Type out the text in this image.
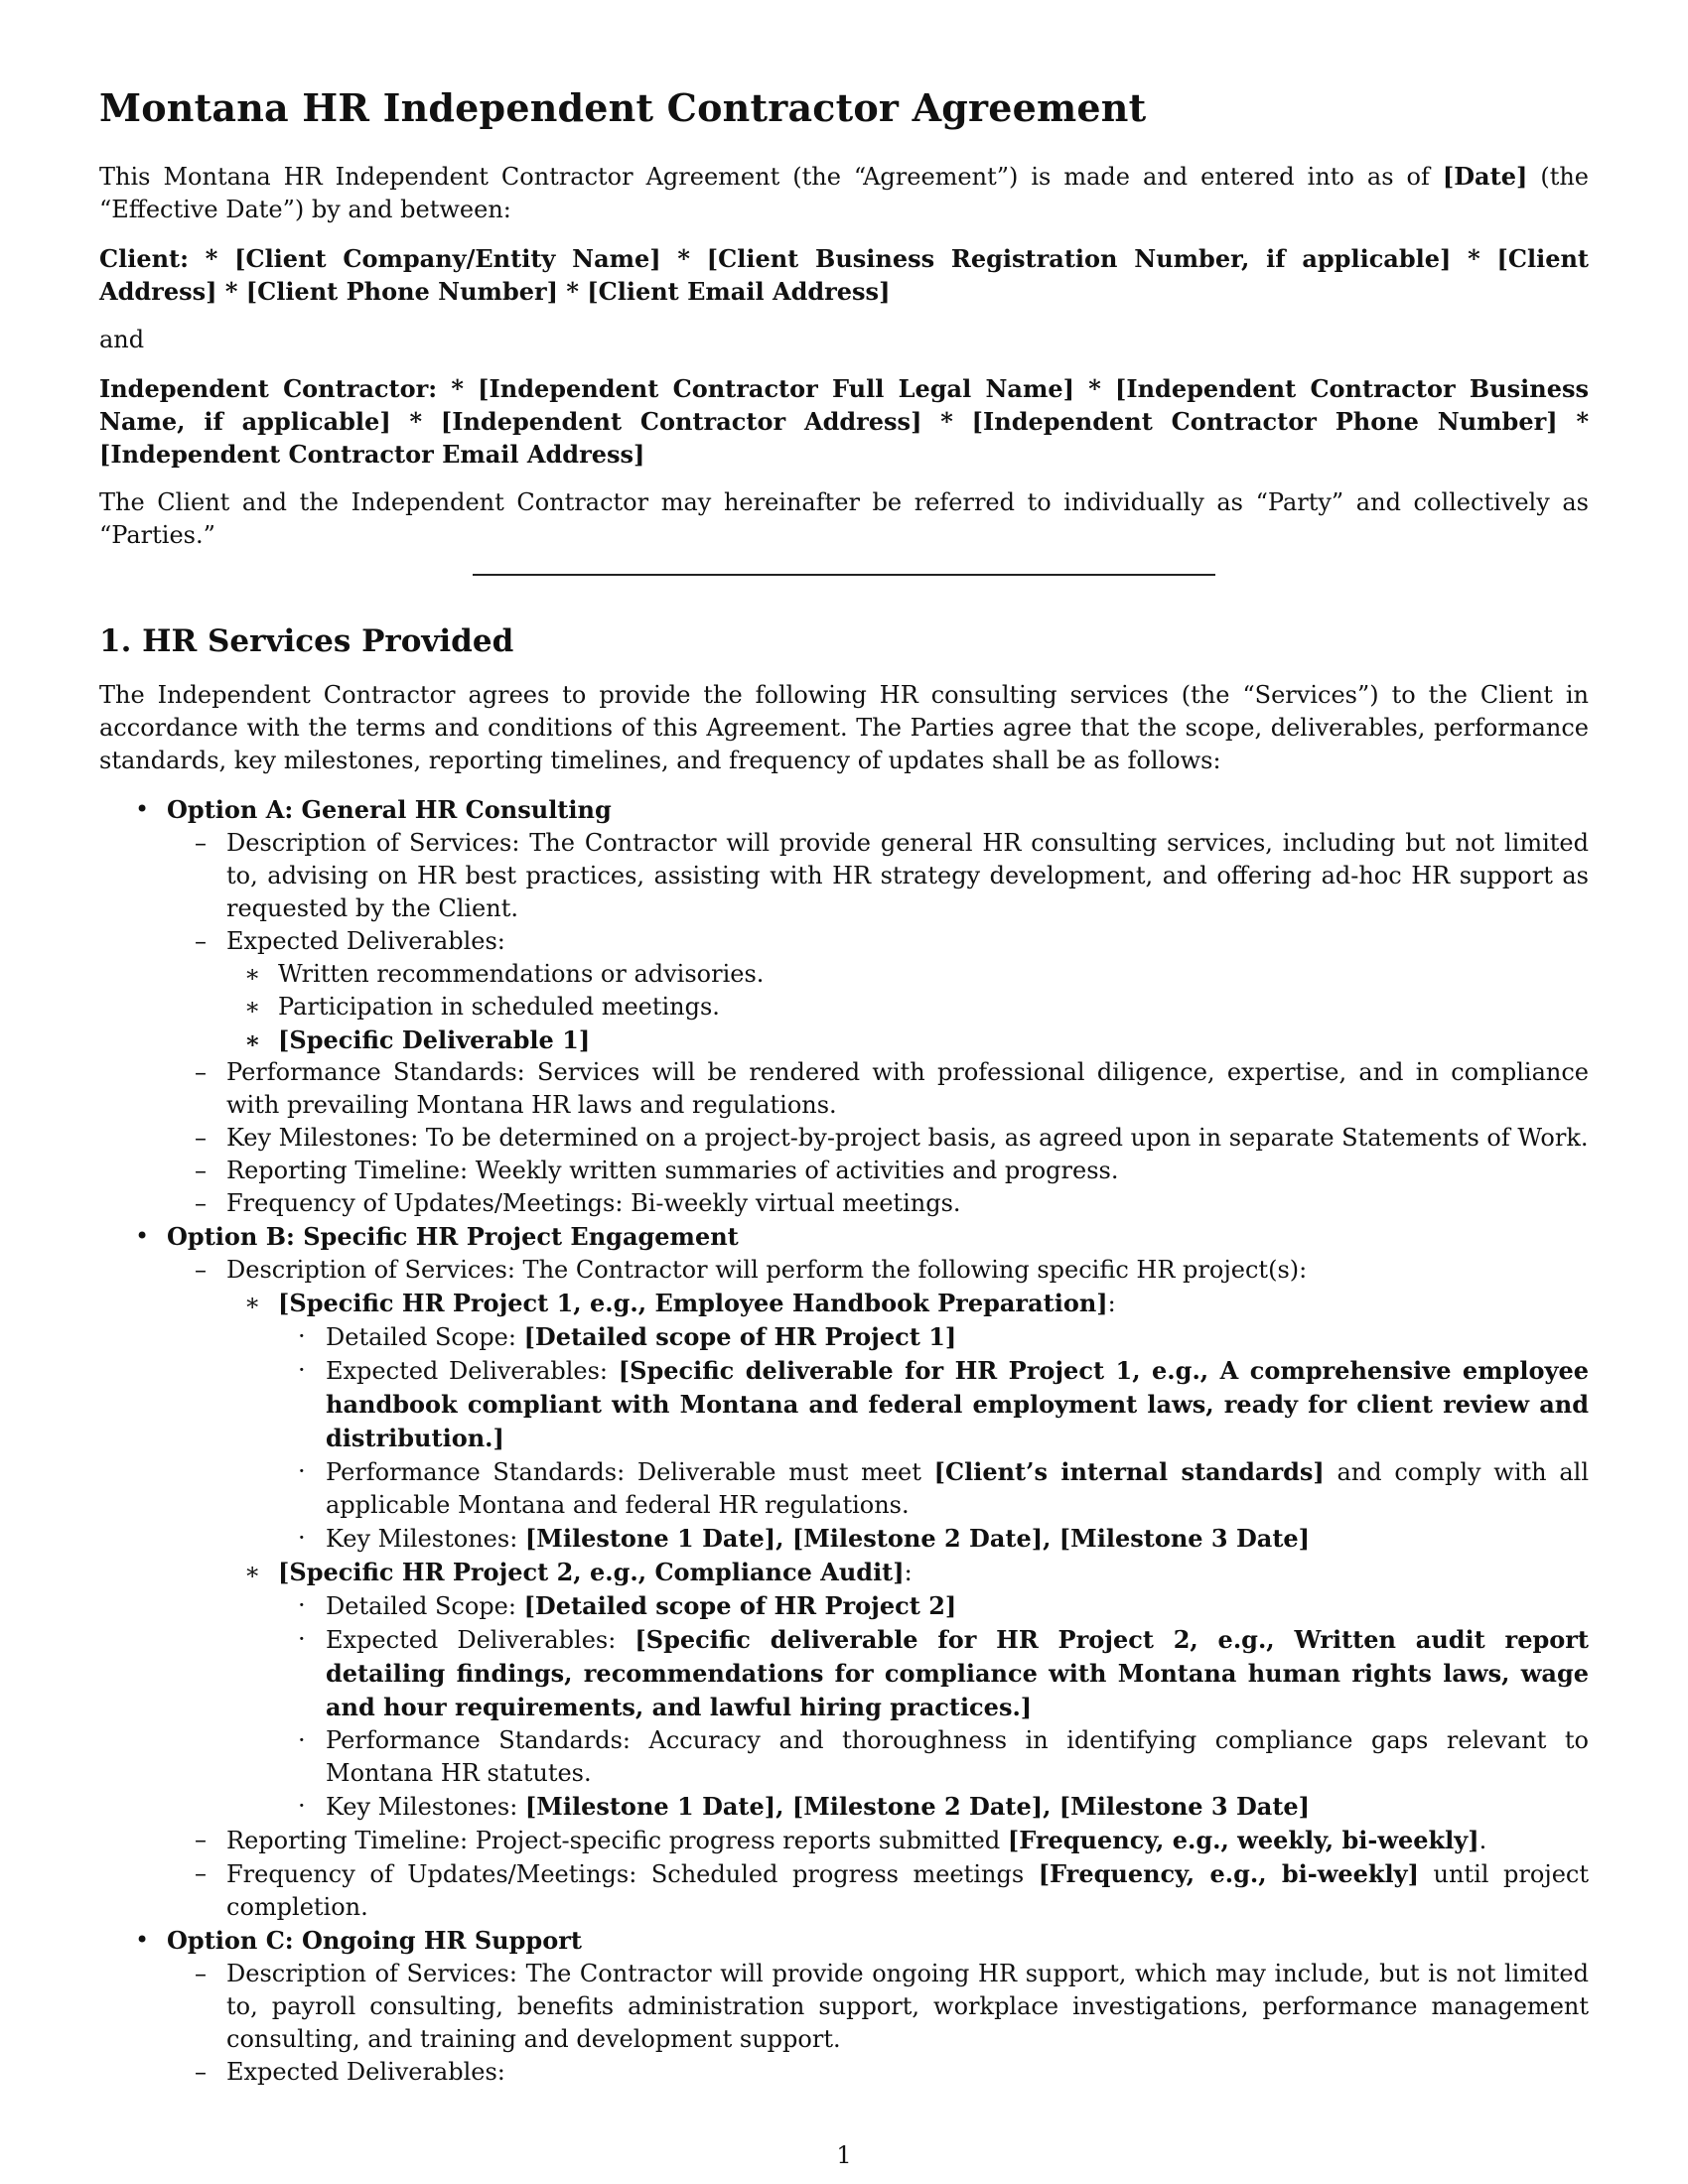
Montana HR Independent Contractor Agreement

This Montana HR Independent Contractor Agreement (the “Agreement”) is made and entered into as of [Date] (the “Effective Date”) by and between:

Client: * [Client Company/Entity Name] * [Client Business Registration Number, if applicable] * [Client Address] * [Client Phone Number] * [Client Email Address]

and

Independent Contractor: * [Independent Contractor Full Legal Name] * [Independent Contractor Business Name, if applicable] * [Independent Contractor Address] * [Independent Contractor Phone Number] * [Independent Contractor Email Address]

The Client and the Independent Contractor may hereinafter be referred to individually as “Party” and collectively as “Parties.”

1. HR Services Provided

The Independent Contractor agrees to provide the following HR consulting services (the “Services”) to the Client in accordance with the terms and conditions of this Agreement. The Parties agree that the scope, deliverables, performance standards, key milestones, reporting timelines, and frequency of updates shall be as follows:

• Option A: General HR Consulting
– Description of Services: The Contractor will provide general HR consulting services, including but not limited to, advising on HR best practices, assisting with HR strategy development, and offering ad-hoc HR support as requested by the Client.
– Expected Deliverables:
∗ Written recommendations or advisories.
∗ Participation in scheduled meetings.
∗ [Specific Deliverable 1]
– Performance Standards: Services will be rendered with professional diligence, expertise, and in compliance with prevailing Montana HR laws and regulations.
– Key Milestones: To be determined on a project-by-project basis, as agreed upon in separate Statements of Work.
– Reporting Timeline: Weekly written summaries of activities and progress.
– Frequency of Updates/Meetings: Bi-weekly virtual meetings.
• Option B: Specific HR Project Engagement
– Description of Services: The Contractor will perform the following specific HR project(s):
∗ [Specific HR Project 1, e.g., Employee Handbook Preparation]:
· Detailed Scope: [Detailed scope of HR Project 1]
· Expected Deliverables: [Specific deliverable for HR Project 1, e.g., A comprehensive employee handbook compliant with Montana and federal employment laws, ready for client review and distribution.]
· Performance Standards: Deliverable must meet [Client’s internal standards] and comply with all applicable Montana and federal HR regulations.
· Key Milestones: [Milestone 1 Date], [Milestone 2 Date], [Milestone 3 Date]
∗ [Specific HR Project 2, e.g., Compliance Audit]:
· Detailed Scope: [Detailed scope of HR Project 2]
· Expected Deliverables: [Specific deliverable for HR Project 2, e.g., Written audit report detailing findings, recommendations for compliance with Montana human rights laws, wage and hour requirements, and lawful hiring practices.]
· Performance Standards: Accuracy and thoroughness in identifying compliance gaps relevant to Montana HR statutes.
· Key Milestones: [Milestone 1 Date], [Milestone 2 Date], [Milestone 3 Date]
– Reporting Timeline: Project-specific progress reports submitted [Frequency, e.g., weekly, bi-weekly].
– Frequency of Updates/Meetings: Scheduled progress meetings [Frequency, e.g., bi-weekly] until project completion.
• Option C: Ongoing HR Support
– Description of Services: The Contractor will provide ongoing HR support, which may include, but is not limited to, payroll consulting, benefits administration support, workplace investigations, performance management consulting, and training and development support.
– Expected Deliverables:
1
